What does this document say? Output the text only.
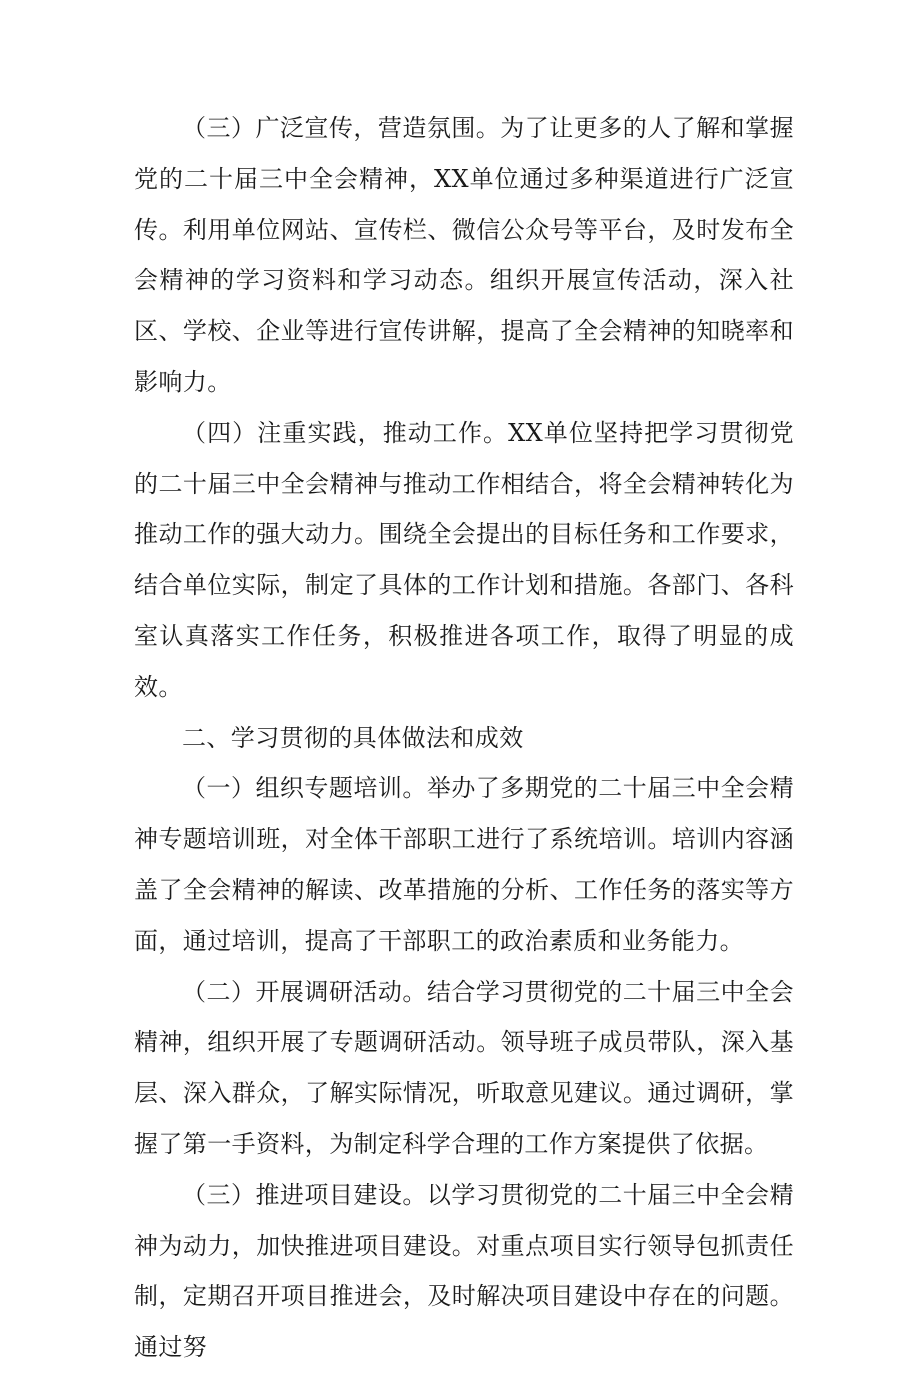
（三）广泛宣传，营造氛围。为了让更多的人了解和掌握党的二十届三中全会精神，XX单位通过多种渠道进行广泛宣传。利用单位网站、宣传栏、微信公众号等平台，及时发布全会精神的学习资料和学习动态。组织开展宣传活动，深入社区、学校、企业等进行宣传讲解，提高了全会精神的知晓率和影响力。

（四）注重实践，推动工作。XX单位坚持把学习贯彻党的二十届三中全会精神与推动工作相结合，将全会精神转化为推动工作的强大动力。围绕全会提出的目标任务和工作要求，结合单位实际，制定了具体的工作计划和措施。各部门、各科室认真落实工作任务，积极推进各项工作，取得了明显的成效。

二、学习贯彻的具体做法和成效

（一）组织专题培训。举办了多期党的二十届三中全会精神专题培训班，对全体干部职工进行了系统培训。培训内容涵盖了全会精神的解读、改革措施的分析、工作任务的落实等方面，通过培训，提高了干部职工的政治素质和业务能力。

（二）开展调研活动。结合学习贯彻党的二十届三中全会精神，组织开展了专题调研活动。领导班子成员带队，深入基层、深入群众，了解实际情况，听取意见建议。通过调研，掌握了第一手资料，为制定科学合理的工作方案提供了依据。

（三）推进项目建设。以学习贯彻党的二十届三中全会精神为动力，加快推进项目建设。对重点项目实行领导包抓责任制，定期召开项目推进会，及时解决项目建设中存在的问题。通过努
